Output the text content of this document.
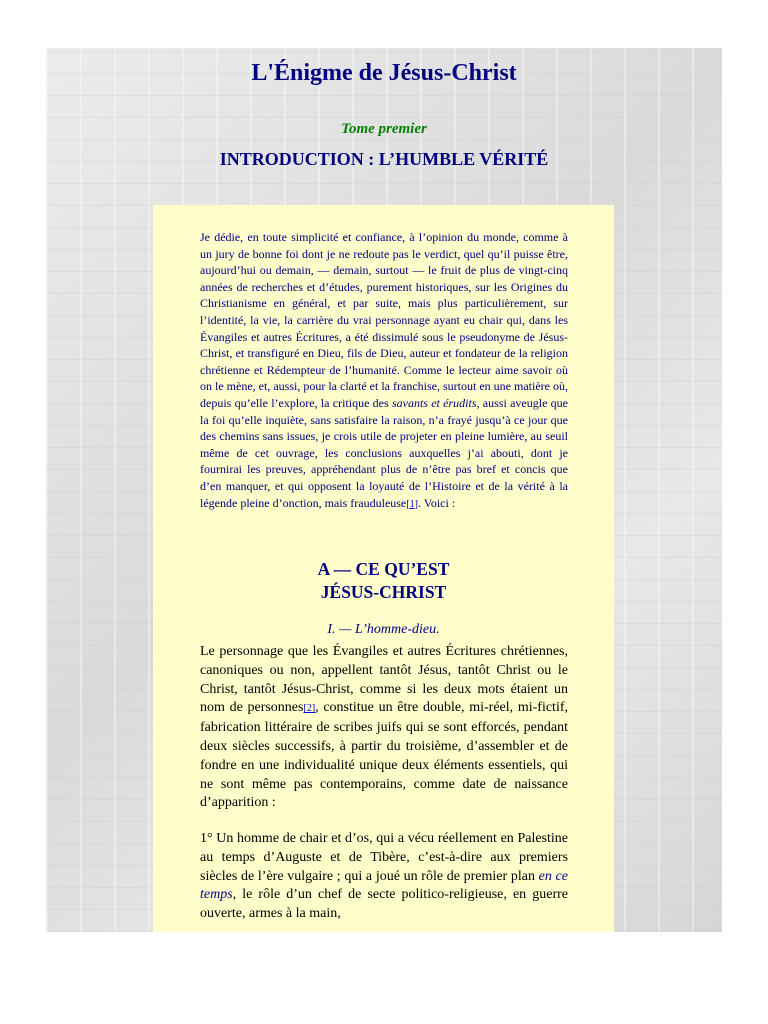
L'Énigme de Jésus-Christ
Tome premier
INTRODUCTION : L’HUMBLE VÉRITÉ

Je dédie, en toute simplicité et confiance, à l’opinion du monde, comme à un jury de bonne foi dont je ne redoute pas le verdict, quel qu’il puisse être, aujourd’hui ou demain, — demain, surtout — le fruit de plus de vingt-cinq années de recherches et d’études, purement historiques, sur les Origines du Christianisme en général, et par suite, mais plus particulièrement, sur l’identité, la vie, la carrière du vrai personnage ayant eu chair qui, dans les Évangiles et autres Écritures, a été dissimulé sous le pseudonyme de Jésus-Christ, et transfiguré en Dieu, fils de Dieu, auteur et fondateur de la religion chrétienne et Rédempteur de l’humanité. Comme le lecteur aime savoir où on le mène, et, aussi, pour la clarté et la franchise, surtout en une matière où, depuis qu’elle l’explore, la critique des savants et érudits, aussi aveugle que la foi qu’elle inquiète, sans satisfaire la raison, n’a frayé jusqu’à ce jour que des chemins sans issues, je crois utile de projeter en pleine lumière, au seuil même de cet ouvrage, les conclusions auxquelles j’ai abouti, dont je fournirai les preuves, appréhendant plus de n’être pas bref et concis que d’en manquer, et qui opposent la loyauté de l’Histoire et de la vérité à la légende pleine d’onction, mais frauduleuse[1]. Voici :

A — CE QU’EST
JÉSUS-CHRIST
I. — L’homme-dieu.

Le personnage que les Évangiles et autres Écritures chrétiennes, canoniques ou non, appellent tantôt Jésus, tantôt Christ ou le Christ, tantôt Jésus-Christ, comme si les deux mots étaient un nom de personnes[2], constitue un être double, mi-réel, mi-fictif, fabrication littéraire de scribes juifs qui se sont efforcés, pendant deux siècles successifs, à partir du troisième, d’assembler et de fondre en une individualité unique deux éléments essentiels, qui ne sont même pas contemporains, comme date de naissance d’apparition :

1° Un homme de chair et d’os, qui a vécu réellement en Palestine au temps d’Auguste et de Tibère, c’est-à-dire aux premiers siècles de l’ère vulgaire ; qui a joué un rôle de premier plan en ce temps, le rôle d’un chef de secte politico-religieuse, en guerre ouverte, armes à la main,
